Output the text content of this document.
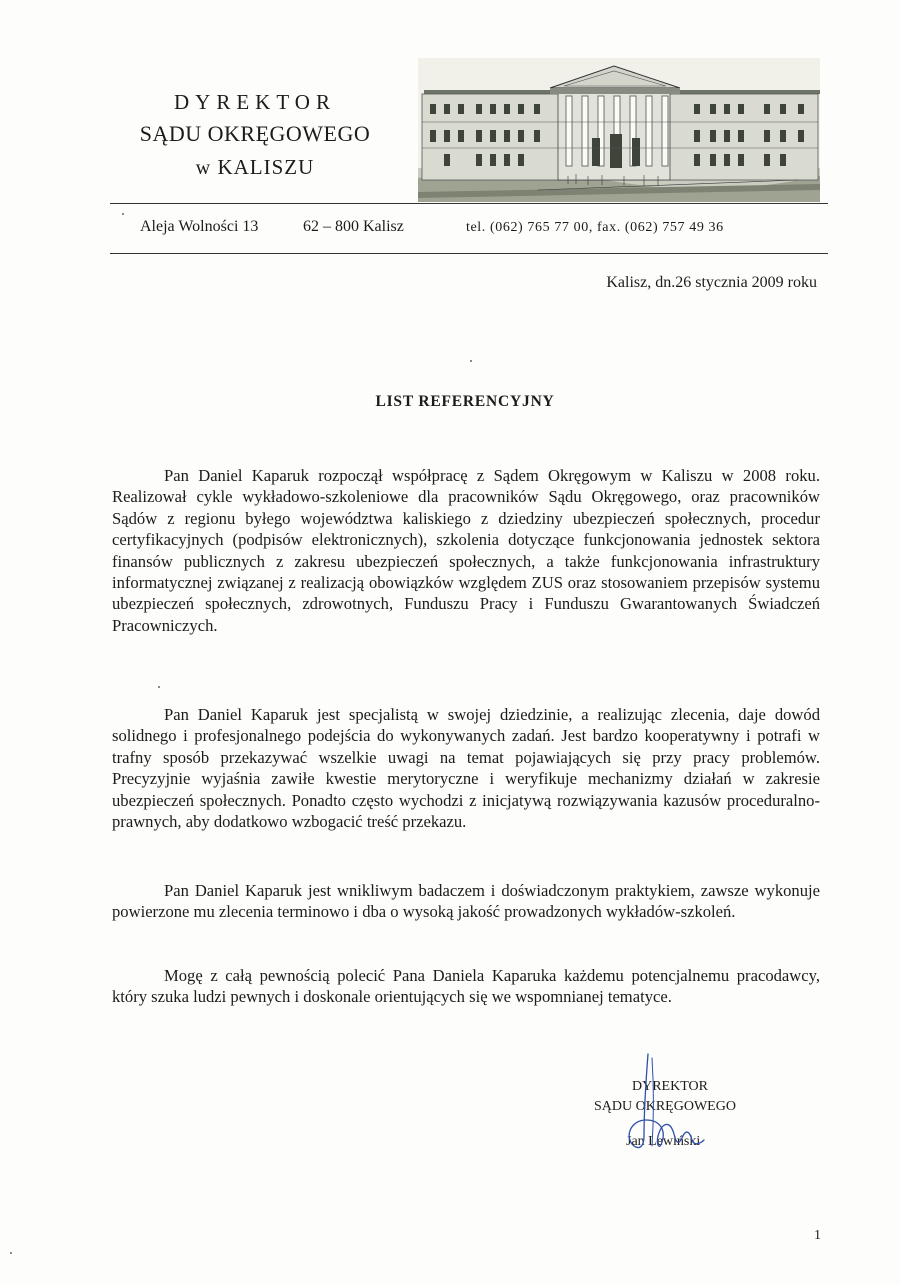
DYREKTOR
SĄDU OKRĘGOWEGO
w KALISZU
Aleja Wolności 13	62 – 800 Kalisz	tel. (062) 765 77 00, fax. (062) 757 49 36
Kalisz, dn.26 stycznia 2009 roku
LIST REFERENCYJNY

Pan Daniel Kaparuk rozpoczął współpracę z Sądem Okręgowym w Kaliszu w 2008 roku. Realizował cykle wykładowo-szkoleniowe dla pracowników Sądu Okręgowego, oraz pracowników Sądów z regionu byłego województwa kaliskiego z dziedziny ubezpieczeń społecznych, procedur certyfikacyjnych (podpisów elektronicznych), szkolenia dotyczące funkcjonowania jednostek sektora finansów publicznych z zakresu ubezpieczeń społecznych, a także funkcjonowania infrastruktury informatycznej związanej z realizacją obowiązków względem ZUS oraz stosowaniem przepisów systemu ubezpieczeń społecznych, zdrowotnych, Funduszu Pracy i Funduszu Gwarantowanych Świadczeń Pracowniczych.

Pan Daniel Kaparuk jest specjalistą w swojej dziedzinie, a realizując zlecenia, daje dowód solidnego i profesjonalnego podejścia do wykonywanych zadań. Jest bardzo kooperatywny i potrafi w trafny sposób przekazywać wszelkie uwagi na temat pojawiających się przy pracy problemów. Precyzyjnie wyjaśnia zawiłe kwestie merytoryczne i weryfikuje mechanizmy działań w zakresie ubezpieczeń społecznych. Ponadto często wychodzi z inicjatywą rozwiązywania kazusów proceduralno-prawnych, aby dodatkowo wzbogacić treść przekazu.

Pan Daniel Kaparuk jest wnikliwym badaczem i doświadczonym praktykiem, zawsze wykonuje powierzone mu zlecenia terminowo i dba o wysoką jakość prowadzonych wykładów-szkoleń.

Mogę z całą pewnością polecić Pana Daniela Kaparuka każdemu potencjalnemu pracodawcy, który szuka ludzi pewnych i doskonale orientujących się we wspomnianej tematyce.

DYREKTOR
SĄDU OKRĘGOWEGO
Jan Lewiński
1
